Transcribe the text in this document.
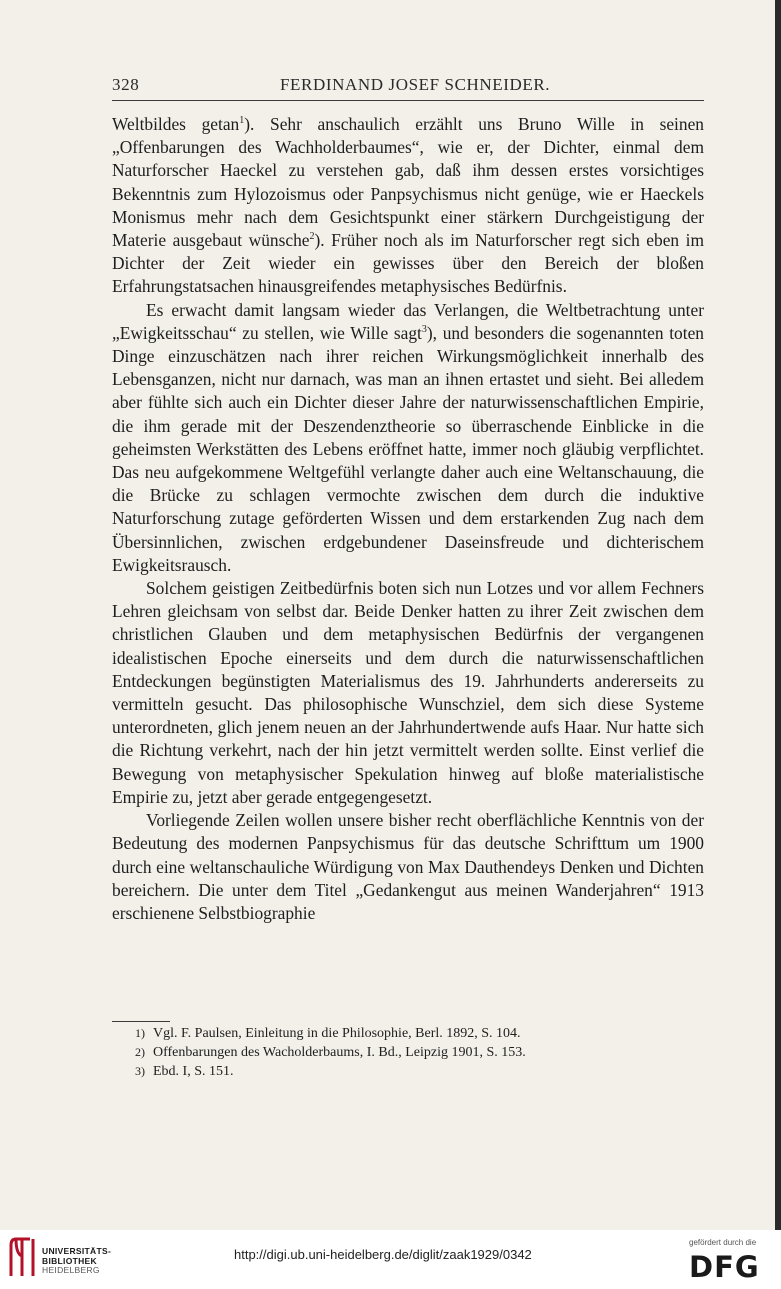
328	FERDINAND JOSEF SCHNEIDER.

Weltbildes getan$^1$). Sehr anschaulich erzählt uns Bruno Wille in seinen „Offenbarungen des Wachholderbaumes“, wie er, der Dichter, einmal dem Naturforscher Haeckel zu verstehen gab, daß ihm dessen erstes vorsichtiges Bekenntnis zum Hylozoismus oder Panpsychismus nicht genüge, wie er Haeckels Monismus mehr nach dem Gesichtspunkt einer stärkern Durchgeistigung der Materie ausgebaut wünsche$^2$). Früher noch als im Naturforscher regt sich eben im Dichter der Zeit wieder ein gewisses über den Bereich der bloßen Erfahrungstatsachen hinausgreifendes metaphysisches Bedürfnis.

Es erwacht damit langsam wieder das Verlangen, die Weltbetrachtung unter „Ewigkeitsschau“ zu stellen, wie Wille sagt$^3$), und besonders die sogenannten toten Dinge einzuschätzen nach ihrer reichen Wirkungsmöglichkeit innerhalb des Lebensganzen, nicht nur darnach, was man an ihnen ertastet und sieht. Bei alledem aber fühlte sich auch ein Dichter dieser Jahre der naturwissenschaftlichen Empirie, die ihm gerade mit der Deszendenztheorie so überraschende Einblicke in die geheimsten Werkstätten des Lebens eröffnet hatte, immer noch gläubig verpflichtet. Das neu aufgekommene Weltgefühl verlangte daher auch eine Weltanschauung, die die Brücke zu schlagen vermochte zwischen dem durch die induktive Naturforschung zutage geförderten Wissen und dem erstarkenden Zug nach dem Übersinnlichen, zwischen erdgebundener Daseinsfreude und dichterischem Ewigkeitsrausch.

Solchem geistigen Zeitbedürfnis boten sich nun Lotzes und vor allem Fechners Lehren gleichsam von selbst dar. Beide Denker hatten zu ihrer Zeit zwischen dem christlichen Glauben und dem metaphysischen Bedürfnis der vergangenen idealistischen Epoche einerseits und dem durch die naturwissenschaftlichen Entdeckungen begünstigten Materialismus des 19. Jahrhunderts andererseits zu vermitteln gesucht. Das philosophische Wunschziel, dem sich diese Systeme unterordneten, glich jenem neuen an der Jahrhundertwende aufs Haar. Nur hatte sich die Richtung verkehrt, nach der hin jetzt vermittelt werden sollte. Einst verlief die Bewegung von metaphysischer Spekulation hinweg auf bloße materialistische Empirie zu, jetzt aber gerade entgegengesetzt.

Vorliegende Zeilen wollen unsere bisher recht oberflächliche Kenntnis von der Bedeutung des modernen Panpsychismus für das deutsche Schrifttum um 1900 durch eine weltanschauliche Würdigung von Max Dauthendeys Denken und Dichten bereichern. Die unter dem Titel „Gedankengut aus meinen Wanderjahren“ 1913 erschienene Selbstbiographie

1) Vgl. F. Paulsen, Einleitung in die Philosophie, Berl. 1892, S. 104.
2) Offenbarungen des Wacholderbaums, I. Bd., Leipzig 1901, S. 153.
3) Ebd. I, S. 151.
UNIVERSITÄTS-
BIBLIOTHEK
HEIDELBERG
http://digi.ub.uni-heidelberg.de/diglit/zaak1929/0342
gefördert durch die
DFG
